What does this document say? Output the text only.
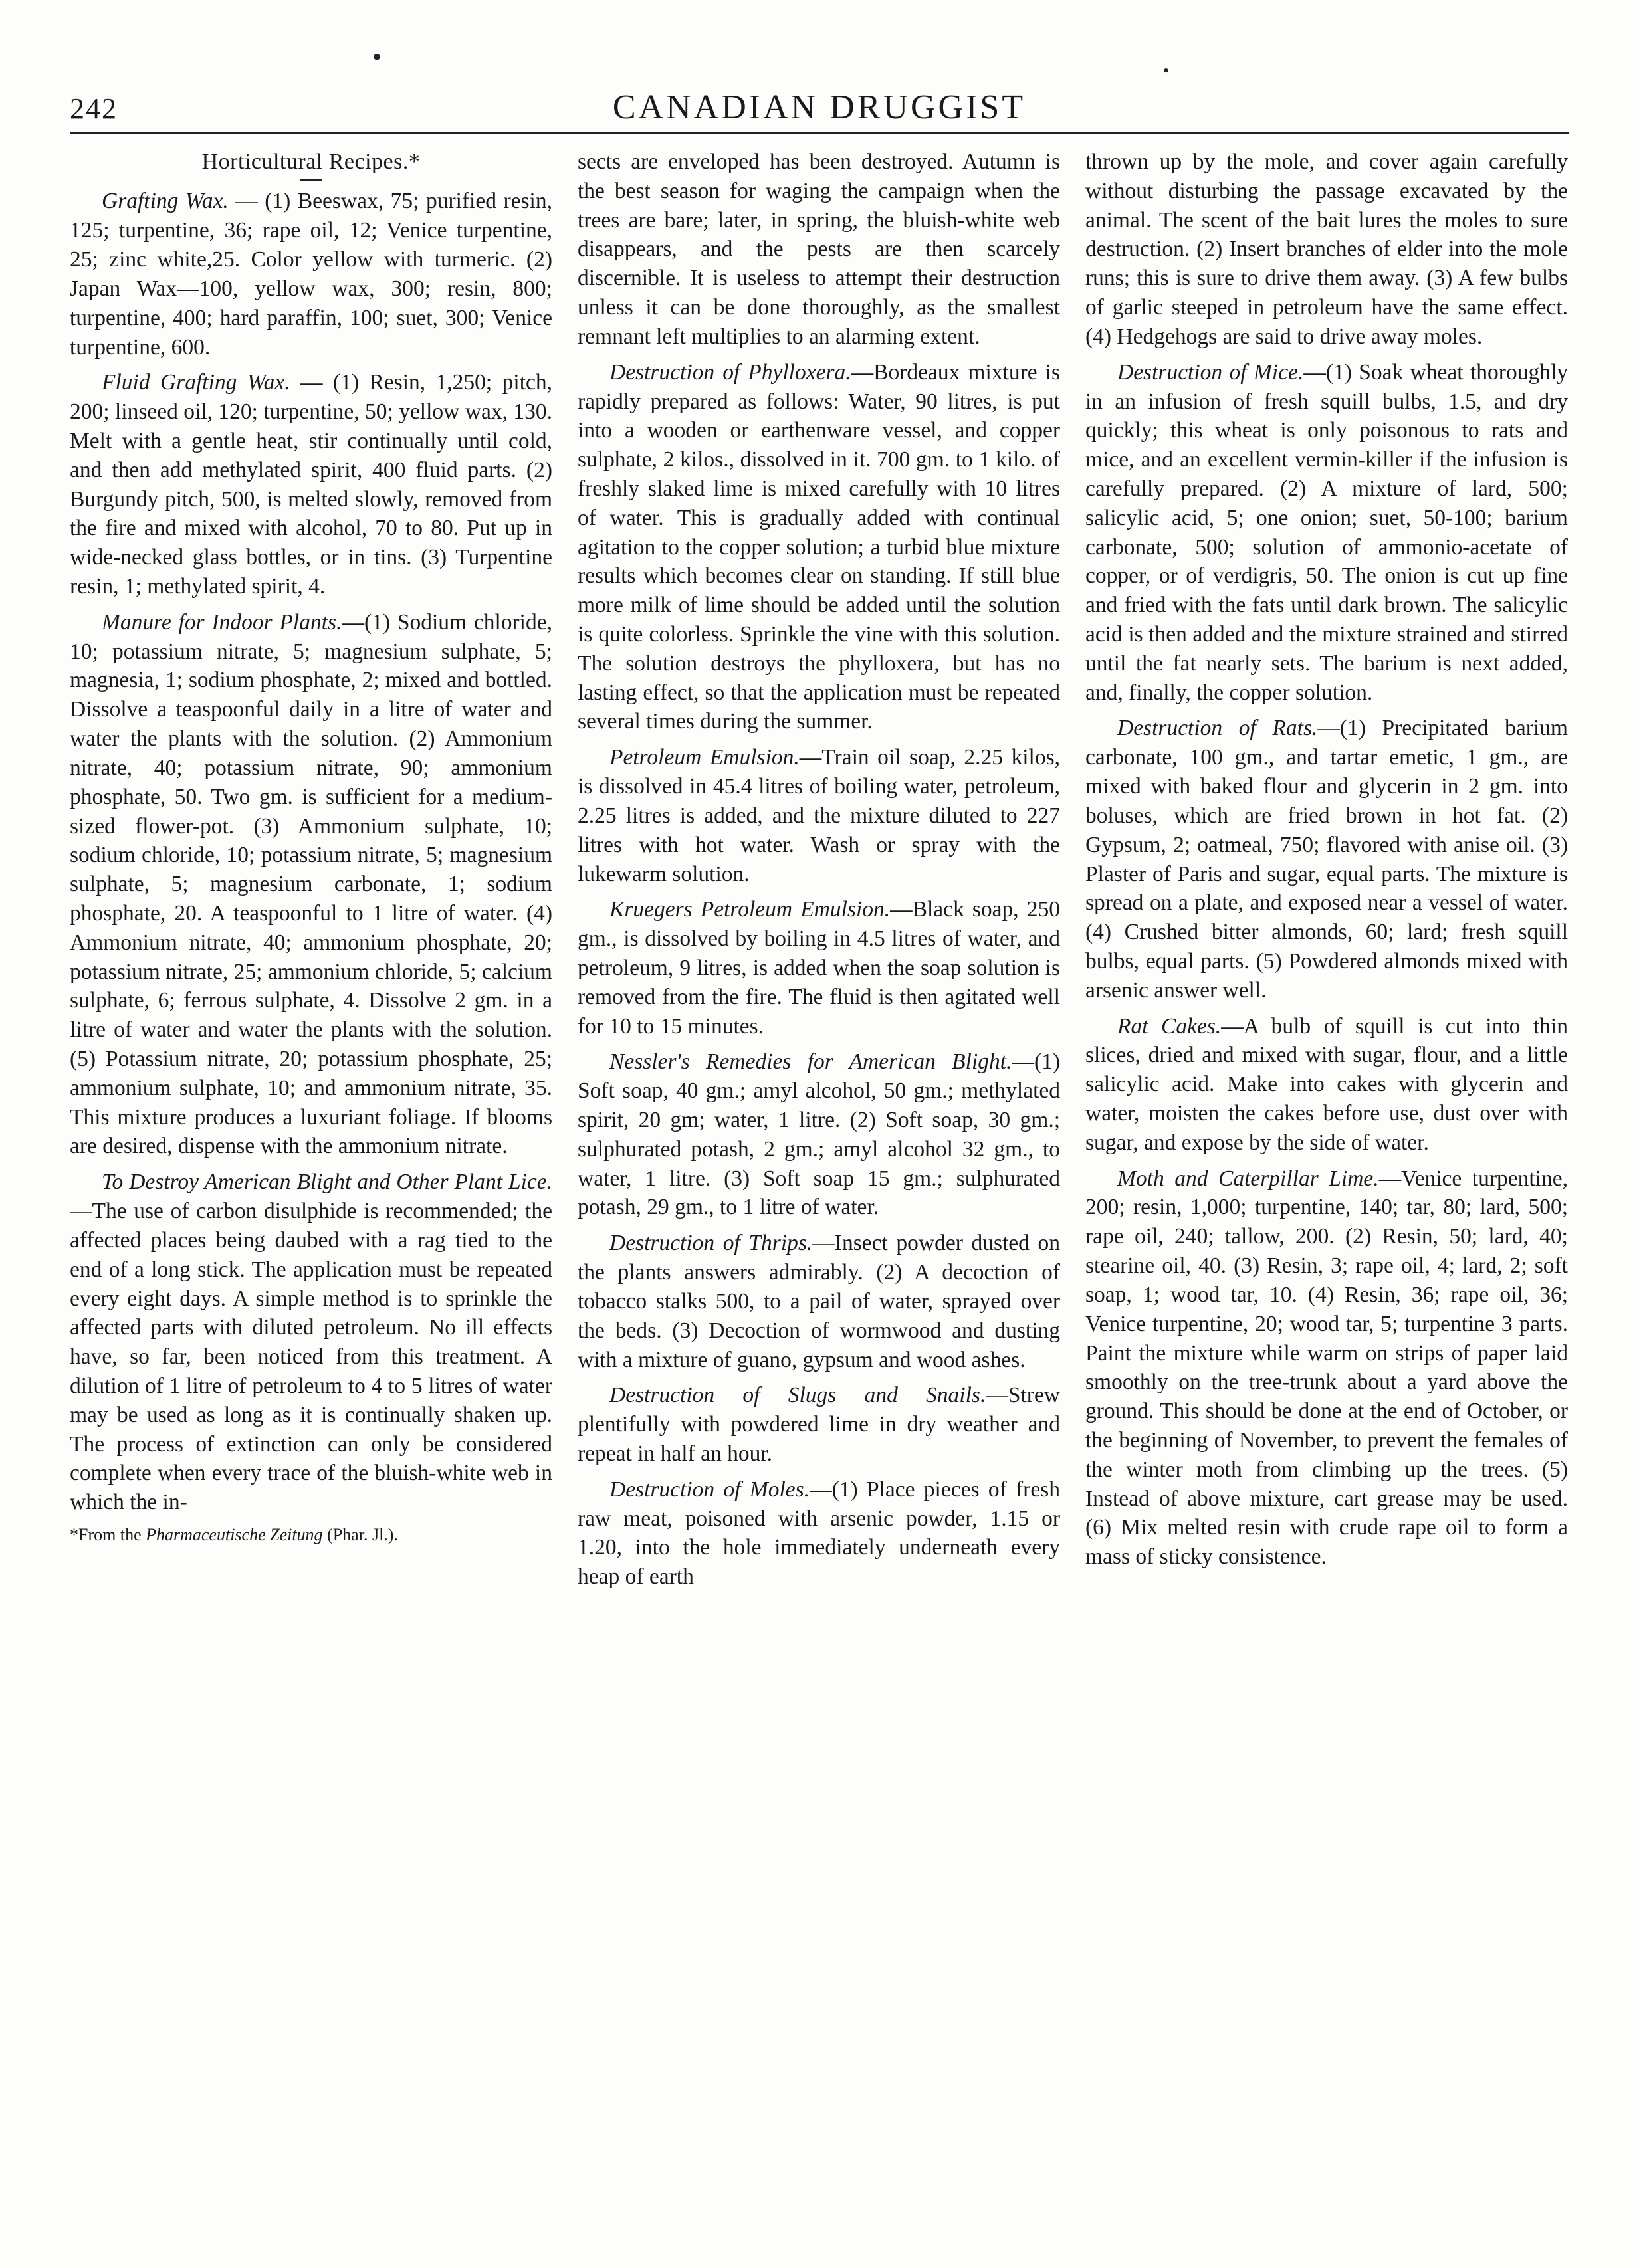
•	•
242	CANADIAN DRUGGIST
Horticultural Recipes.*

Grafting Wax. — (1) Beeswax, 75; purified resin, 125; turpentine, 36; rape oil, 12; Venice turpentine, 25; zinc white,25. Color yellow with turmeric. (2) Japan Wax—100, yellow wax, 300; resin, 800; turpentine, 400; hard paraffin, 100; suet, 300; Venice turpentine, 600.

Fluid Grafting Wax. — (1) Resin, 1,250; pitch, 200; linseed oil, 120; turpentine, 50; yellow wax, 130. Melt with a gentle heat, stir continually until cold, and then add methylated spirit, 400 fluid parts. (2) Burgundy pitch, 500, is melted slowly, removed from the fire and mixed with alcohol, 70 to 80. Put up in wide-necked glass bottles, or in tins. (3) Turpentine resin, 1; methylated spirit, 4.

Manure for Indoor Plants.—(1) Sodium chloride, 10; potassium nitrate, 5; magnesium sulphate, 5; magnesia, 1; sodium phosphate, 2; mixed and bottled. Dissolve a teaspoonful daily in a litre of water and water the plants with the solution. (2) Ammonium nitrate, 40; potassium nitrate, 90; ammonium phosphate, 50. Two gm. is sufficient for a medium-sized flower-pot. (3) Ammonium sulphate, 10; sodium chloride, 10; potassium nitrate, 5; magnesium sulphate, 5; magnesium carbonate, 1; sodium phosphate, 20. A teaspoonful to 1 litre of water. (4) Ammonium nitrate, 40; ammonium phosphate, 20; potassium nitrate, 25; ammonium chloride, 5; calcium sulphate, 6; ferrous sulphate, 4. Dissolve 2 gm. in a litre of water and water the plants with the solution. (5) Potassium nitrate, 20; potassium phosphate, 25; ammonium sulphate, 10; and ammonium nitrate, 35. This mixture produces a luxuriant foliage. If blooms are desired, dispense with the ammonium nitrate.

To Destroy American Blight and Other Plant Lice.—The use of carbon disulphide is recommended; the affected places being daubed with a rag tied to the end of a long stick. The application must be repeated every eight days. A simple method is to sprinkle the affected parts with diluted petroleum. No ill effects have, so far, been noticed from this treatment. A dilution of 1 litre of petroleum to 4 to 5 litres of water may be used as long as it is continually shaken up. The process of extinction can only be considered complete when every trace of the bluish-white web in which the in-

*From the Pharmaceutische Zeitung (Phar. Jl.).

sects are enveloped has been destroyed. Autumn is the best season for waging the campaign when the trees are bare; later, in spring, the bluish-white web disappears, and the pests are then scarcely discernible. It is useless to attempt their destruction unless it can be done thoroughly, as the smallest remnant left multiplies to an alarming extent.

Destruction of Phylloxera.—Bordeaux mixture is rapidly prepared as follows: Water, 90 litres, is put into a wooden or earthenware vessel, and copper sulphate, 2 kilos., dissolved in it. 700 gm. to 1 kilo. of freshly slaked lime is mixed carefully with 10 litres of water. This is gradually added with continual agitation to the copper solution; a turbid blue mixture results which becomes clear on standing. If still blue more milk of lime should be added until the solution is quite colorless. Sprinkle the vine with this solution. The solution destroys the phylloxera, but has no lasting effect, so that the application must be repeated several times during the summer.

Petroleum Emulsion.—Train oil soap, 2.25 kilos, is dissolved in 45.4 litres of boiling water, petroleum, 2.25 litres is added, and the mixture diluted to 227 litres with hot water. Wash or spray with the lukewarm solution.

Kruegers Petroleum Emulsion.—Black soap, 250 gm., is dissolved by boiling in 4.5 litres of water, and petroleum, 9 litres, is added when the soap solution is removed from the fire. The fluid is then agitated well for 10 to 15 minutes.

Nessler's Remedies for American Blight.—(1) Soft soap, 40 gm.; amyl alcohol, 50 gm.; methylated spirit, 20 gm; water, 1 litre. (2) Soft soap, 30 gm.; sulphurated potash, 2 gm.; amyl alcohol 32 gm., to water, 1 litre. (3) Soft soap 15 gm.; sulphurated potash, 29 gm., to 1 litre of water.

Destruction of Thrips.—Insect powder dusted on the plants answers admirably. (2) A decoction of tobacco stalks 500, to a pail of water, sprayed over the beds. (3) Decoction of wormwood and dusting with a mixture of guano, gypsum and wood ashes.

Destruction of Slugs and Snails.—Strew plentifully with powdered lime in dry weather and repeat in half an hour.

Destruction of Moles.—(1) Place pieces of fresh raw meat, poisoned with arsenic powder, 1.15 or 1.20, into the hole immediately underneath every heap of earth

thrown up by the mole, and cover again carefully without disturbing the passage excavated by the animal. The scent of the bait lures the moles to sure destruction. (2) Insert branches of elder into the mole runs; this is sure to drive them away. (3) A few bulbs of garlic steeped in petroleum have the same effect. (4) Hedgehogs are said to drive away moles.

Destruction of Mice.—(1) Soak wheat thoroughly in an infusion of fresh squill bulbs, 1.5, and dry quickly; this wheat is only poisonous to rats and mice, and an excellent vermin-killer if the infusion is carefully prepared. (2) A mixture of lard, 500; salicylic acid, 5; one onion; suet, 50-100; barium carbonate, 500; solution of ammonio-acetate of copper, or of verdigris, 50. The onion is cut up fine and fried with the fats until dark brown. The salicylic acid is then added and the mixture strained and stirred until the fat nearly sets. The barium is next added, and, finally, the copper solution.

Destruction of Rats.—(1) Precipitated barium carbonate, 100 gm., and tartar emetic, 1 gm., are mixed with baked flour and glycerin in 2 gm. into boluses, which are fried brown in hot fat. (2) Gypsum, 2; oatmeal, 750; flavored with anise oil. (3) Plaster of Paris and sugar, equal parts. The mixture is spread on a plate, and exposed near a vessel of water. (4) Crushed bitter almonds, 60; lard; fresh squill bulbs, equal parts. (5) Powdered almonds mixed with arsenic answer well.

Rat Cakes.—A bulb of squill is cut into thin slices, dried and mixed with sugar, flour, and a little salicylic acid. Make into cakes with glycerin and water, moisten the cakes before use, dust over with sugar, and expose by the side of water.

Moth and Caterpillar Lime.—Venice turpentine, 200; resin, 1,000; turpentine, 140; tar, 80; lard, 500; rape oil, 240; tallow, 200. (2) Resin, 50; lard, 40; stearine oil, 40. (3) Resin, 3; rape oil, 4; lard, 2; soft soap, 1; wood tar, 10. (4) Resin, 36; rape oil, 36; Venice turpentine, 20; wood tar, 5; turpentine 3 parts. Paint the mixture while warm on strips of paper laid smoothly on the tree-trunk about a yard above the ground. This should be done at the end of October, or the beginning of November, to prevent the females of the winter moth from climbing up the trees. (5) Instead of above mixture, cart grease may be used. (6) Mix melted resin with crude rape oil to form a mass of sticky consistence.
